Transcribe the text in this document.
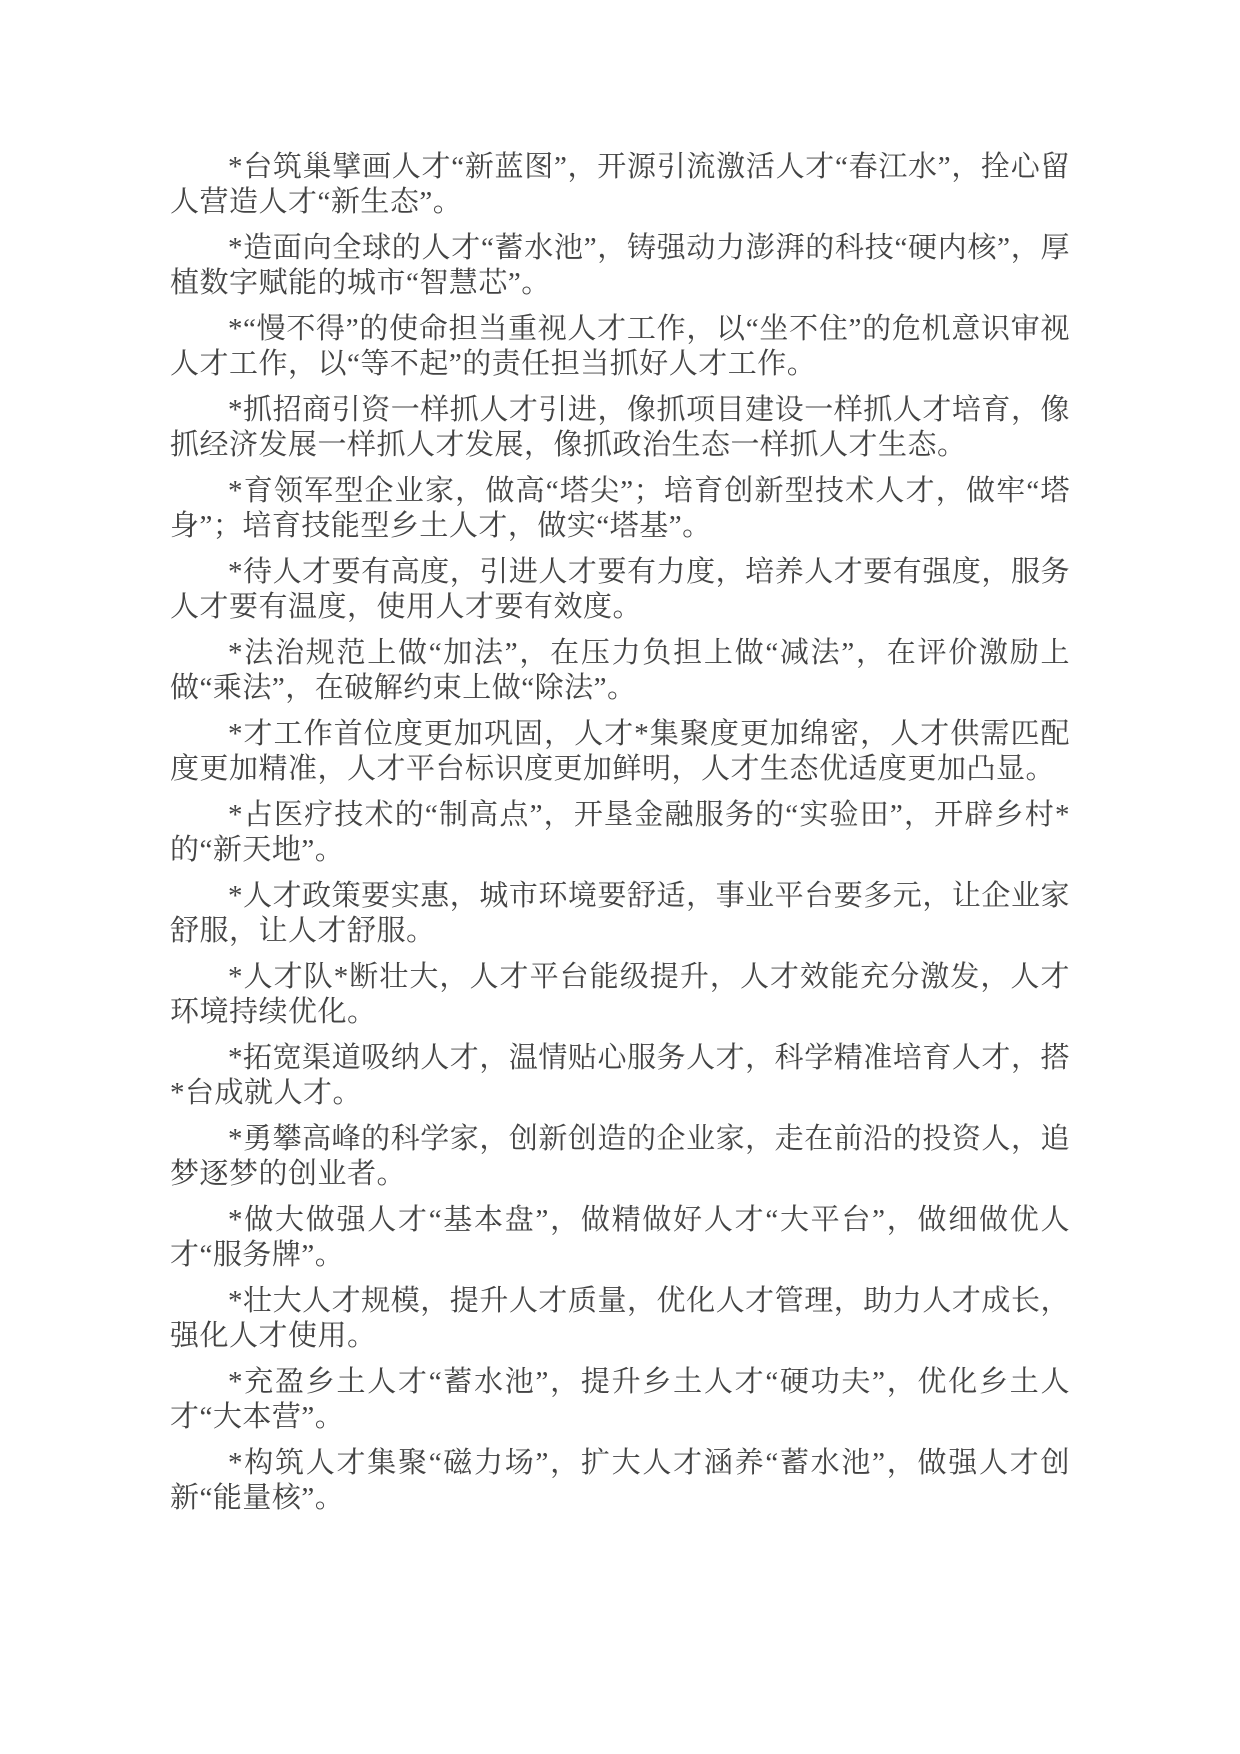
*台筑巢擘画人才“新蓝图”，开源引流激活人才“春江水”，拴心留人营造人才“新生态”。

*造面向全球的人才“蓄水池”，铸强动力澎湃的科技“硬内核”，厚植数字赋能的城市“智慧芯”。

*“慢不得”的使命担当重视人才工作，以“坐不住”的危机意识审视人才工作，以“等不起”的责任担当抓好人才工作。

*抓招商引资一样抓人才引进，像抓项目建设一样抓人才培育，像抓经济发展一样抓人才发展，像抓政治生态一样抓人才生态。

*育领军型企业家，做高“塔尖”；培育创新型技术人才，做牢“塔身”；培育技能型乡土人才，做实“塔基”。

*待人才要有高度，引进人才要有力度，培养人才要有强度，服务人才要有温度，使用人才要有效度。

*法治规范上做“加法”，在压力负担上做“减法”，在评价激励上做“乘法”，在破解约束上做“除法”。

*才工作首位度更加巩固，人才*集聚度更加绵密，人才供需匹配度更加精准，人才平台标识度更加鲜明，人才生态优适度更加凸显。

*占医疗技术的“制高点”，开垦金融服务的“实验田”，开辟乡村*的“新天地”。

*人才政策要实惠，城市环境要舒适，事业平台要多元，让企业家舒服，让人才舒服。

*人才队*断壮大，人才平台能级提升，人才效能充分激发，人才环境持续优化。

*拓宽渠道吸纳人才，温情贴心服务人才，科学精准培育人才，搭*台成就人才。

*勇攀高峰的科学家，创新创造的企业家，走在前沿的投资人，追梦逐梦的创业者。

*做大做强人才“基本盘”，做精做好人才“大平台”，做细做优人才“服务牌”。

*壮大人才规模，提升人才质量，优化人才管理，助力人才成长，强化人才使用。

*充盈乡土人才“蓄水池”，提升乡土人才“硬功夫”，优化乡土人才“大本营”。

*构筑人才集聚“磁力场”，扩大人才涵养“蓄水池”，做强人才创新“能量核”。
